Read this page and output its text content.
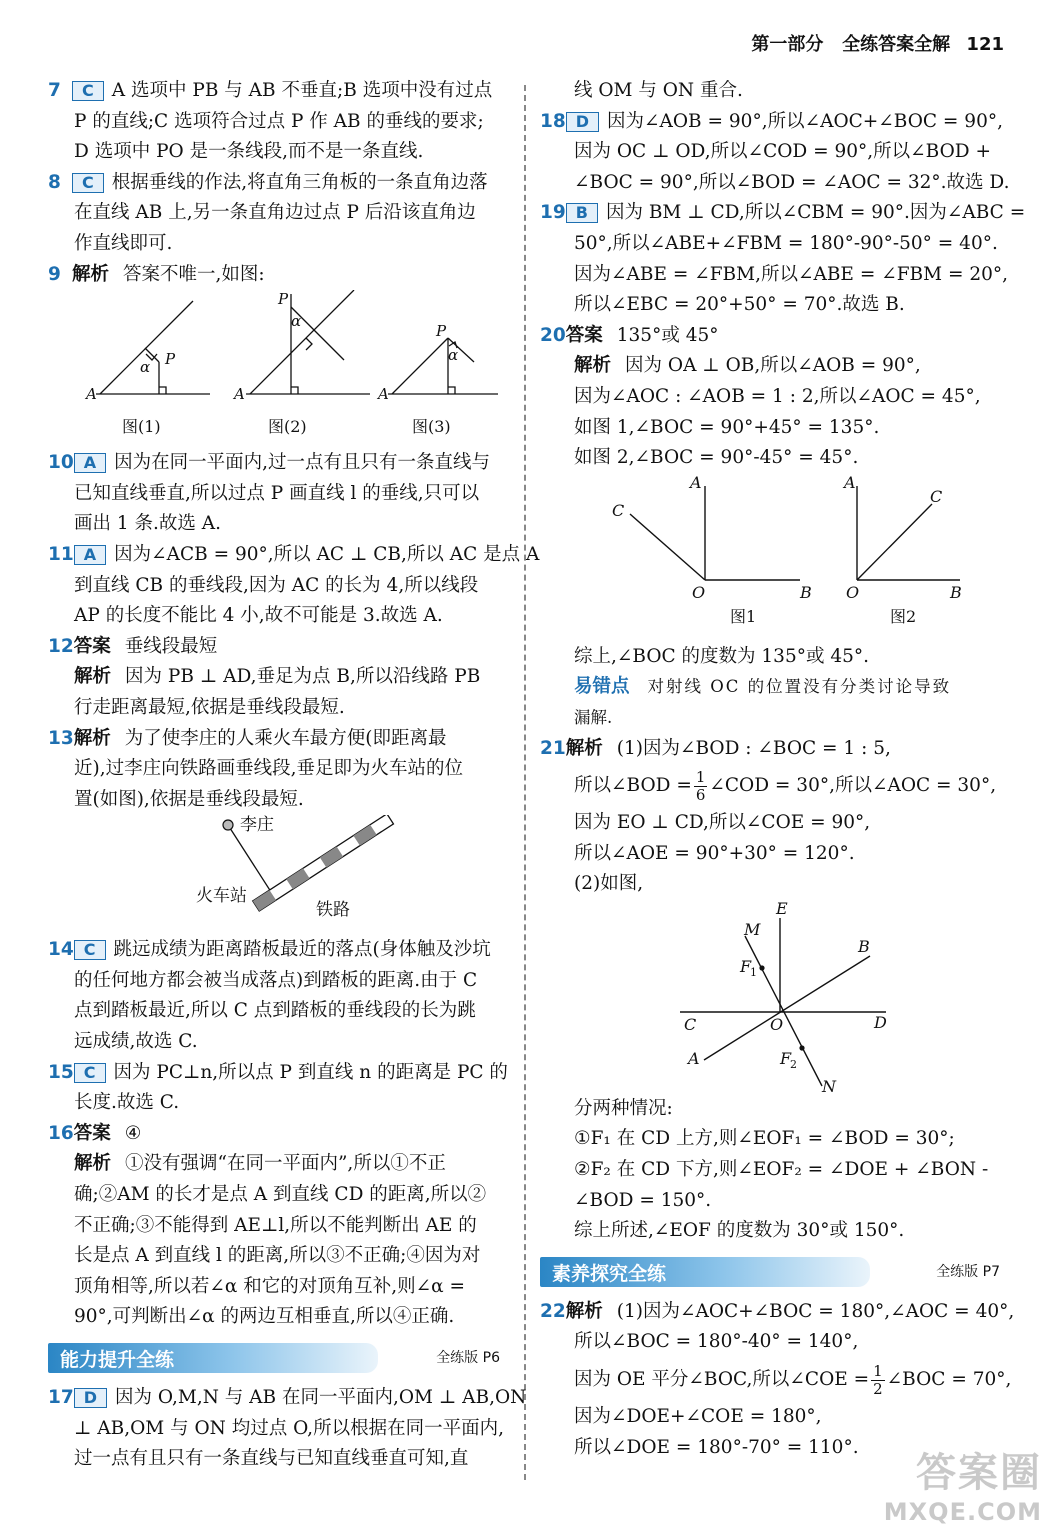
第一部分 全练答案全解 121
7 C A 选项中 PB 与 AB 不垂直;B 选项中没有过点
P 的直线;C 选项符合过点 P 作 AB 的垂线的要求;
D 选项中 PO 是一条线段,而不是一条直线.
8 C 根据垂线的作法,将直角三角板的一条直角边落
在直线 AB 上,另一条直角边过点 P 后沿该直角边
作直线即可.
9 解析 答案不唯一,如图:
A
P
α
A
P
α
A
P
α
图(1)	图(2)	图(3)
10 A 因为在同一平面内,过一点有且只有一条直线与
已知直线垂直,所以过点 P 画直线 l 的垂线,只可以
画出 1 条.故选 A.
11 A 因为∠ACB = 90°,所以 AC ⊥ CB,所以 AC 是点 A
到直线 CB 的垂线段,因为 AC 的长为 4,所以线段
AP 的长度不能比 4 小,故不可能是 3.故选 A.
12答案 垂线段最短
解析 因为 PB ⊥ AD,垂足为点 B,所以沿线路 PB
行走距离最短,依据是垂线段最短.
13解析 为了使李庄的人乘火车最方便(即距离最
近),过李庄向铁路画垂线段,垂足即为火车站的位
置(如图),依据是垂线段最短.
李庄
火车站
铁路
14 C 跳远成绩为距离踏板最近的落点(身体触及沙坑
的任何地方都会被当成落点)到踏板的距离.由于 C
点到踏板最近,所以 C 点到踏板的垂线段的长为跳
远成绩,故选 C.
15 C 因为 PC⊥n,所以点 P 到直线 n 的距离是 PC 的
长度.故选 C.
16答案 ④
解析 ①没有强调“在同一平面内”,所以①不正
确;②AM 的长才是点 A 到直线 CD 的距离,所以②
不正确;③不能得到 AE⊥l,所以不能判断出 AE 的
长是点 A 到直线 l 的距离,所以③不正确;④因为对
顶角相等,所以若∠α 和它的对顶角互补,则∠α =
90°,可判断出∠α 的两边互相垂直,所以④正确.
能力提升全练	全练版 P6
17 D 因为 O,M,N 与 AB 在同一平面内,OM ⊥ AB,ON
⊥ AB,OM 与 ON 均过点 O,所以根据在同一平面内,
过一点有且只有一条直线与已知直线垂直可知,直
线 OM 与 ON 重合.
18 D 因为∠AOB = 90°,所以∠AOC+∠BOC = 90°,
因为 OC ⊥ OD,所以∠COD = 90°,所以∠BOD +
∠BOC = 90°,所以∠BOD = ∠AOC = 32°.故选 D.
19 B 因为 BM ⊥ CD,所以∠CBM = 90°.因为∠ABC =
50°,所以∠ABE+∠FBM = 180°-90°-50° = 40°.
因为∠ABE = ∠FBM,所以∠ABE = ∠FBM = 20°,
所以∠EBC = 20°+50° = 70°.故选 B.
20答案 135°或 45°
解析 因为 OA ⊥ OB,所以∠AOB = 90°,
因为∠AOC : ∠AOB = 1 : 2,所以∠AOC = 45°,
如图 1,∠BOC = 90°+45° = 135°.
如图 2,∠BOC = 90°-45° = 45°.
A
C
O	B
A
C
O	B
图1	图2
综上,∠BOC 的度数为 135°或 45°.
易错点 对射线 OC 的位置没有分类讨论导致
漏解.
21解析 (1)因为∠BOD : ∠BOC = 1 : 5,
所以∠BOD = $\frac{1}{6}$ ∠COD = 30°,所以∠AOC = 30°,
因为 EO ⊥ CD,所以∠COE = 90°,
所以∠AOE = 90°+30° = 120°.
(2)如图,
E
M
B
F
1
C	O	D
A	F
2
N
分两种情况:
①F₁ 在 CD 上方,则∠EOF₁ = ∠BOD = 30°;
②F₂ 在 CD 下方,则∠EOF₂ = ∠DOE + ∠BON -
∠BOD = 150°.
综上所述,∠EOF 的度数为 30°或 150°.
素养探究全练	全练版 P7
22解析 (1)因为∠AOC+∠BOC = 180°,∠AOC = 40°,
所以∠BOC = 180°-40° = 140°,
因为 OE 平分∠BOC,所以∠COE = $\frac{1}{2}$ ∠BOC = 70°,
因为∠DOE+∠COE = 180°,
所以∠DOE = 180°-70° = 110°.
答案圈
MXQE.COM
